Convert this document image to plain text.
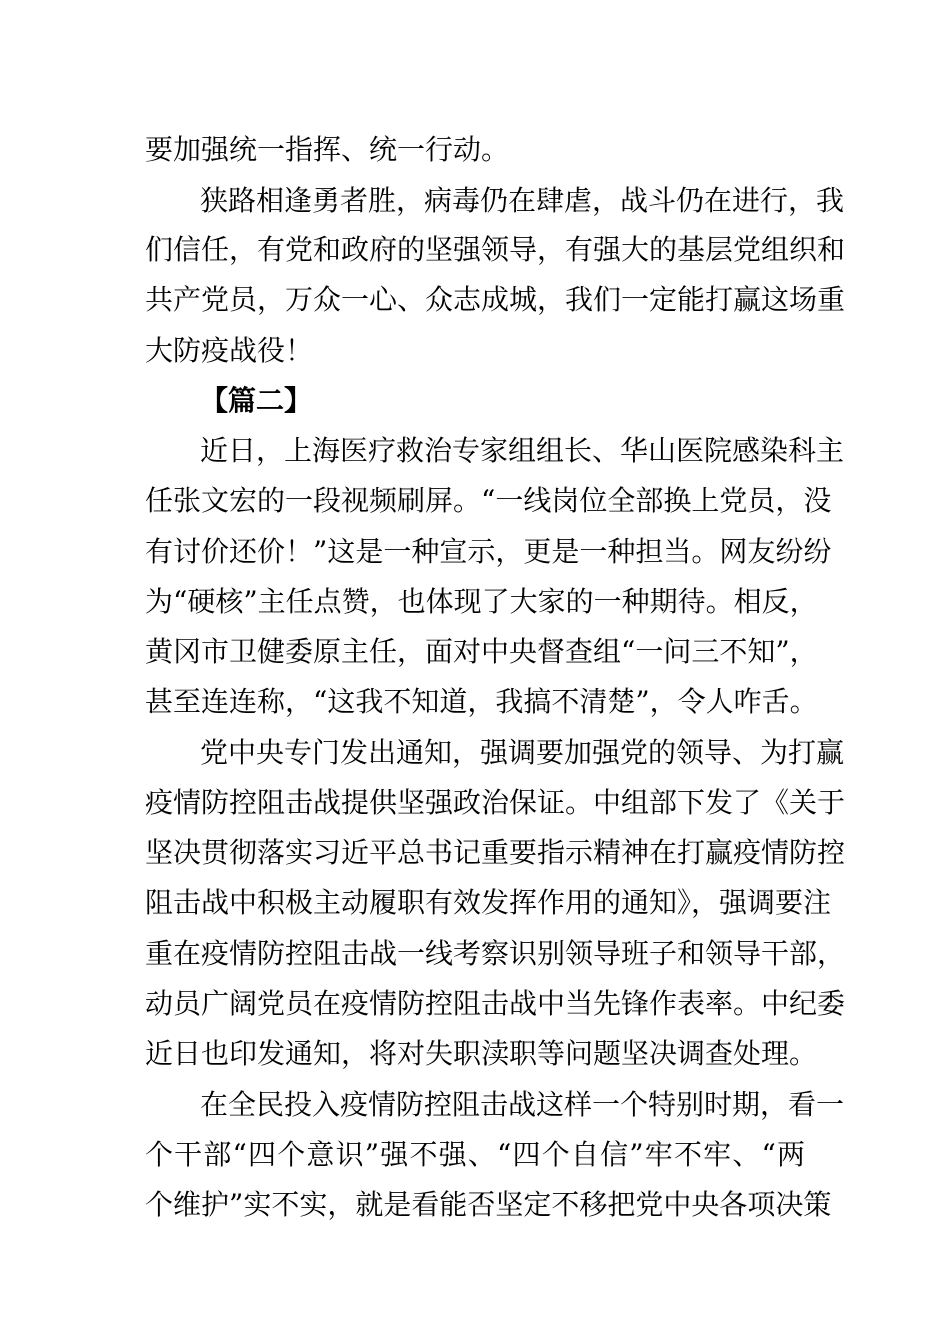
要加强统一指挥、统一行动。
狭路相逢勇者胜，病毒仍在肆虐，战斗仍在进行，我
们信任，有党和政府的坚强领导，有强大的基层党组织和
共产党员，万众一心、众志成城，我们一定能打赢这场重
大防疫战役！
【篇二】
近日，上海医疗救治专家组组长、华山医院感染科主
任张文宏的一段视频刷屏。“一线岗位全部换上党员，没
有讨价还价！”这是一种宣示，更是一种担当。网友纷纷
为“硬核”主任点赞，也体现了大家的一种期待。相反，
黄冈市卫健委原主任，面对中央督查组“一问三不知”，
甚至连连称，“这我不知道，我搞不清楚”，令人咋舌。
党中央专门发出通知，强调要加强党的领导、为打赢
疫情防控阻击战提供坚强政治保证。中组部下发了《关于
坚决贯彻落实习近平总书记重要指示精神在打赢疫情防控
阻击战中积极主动履职有效发挥作用的通知》，强调要注
重在疫情防控阻击战一线考察识别领导班子和领导干部，
动员广阔党员在疫情防控阻击战中当先锋作表率。中纪委
近日也印发通知，将对失职渎职等问题坚决调查处理。
在全民投入疫情防控阻击战这样一个特别时期，看一
个干部“四个意识”强不强、“四个自信”牢不牢、“两
个维护”实不实，就是看能否坚定不移把党中央各项决策
